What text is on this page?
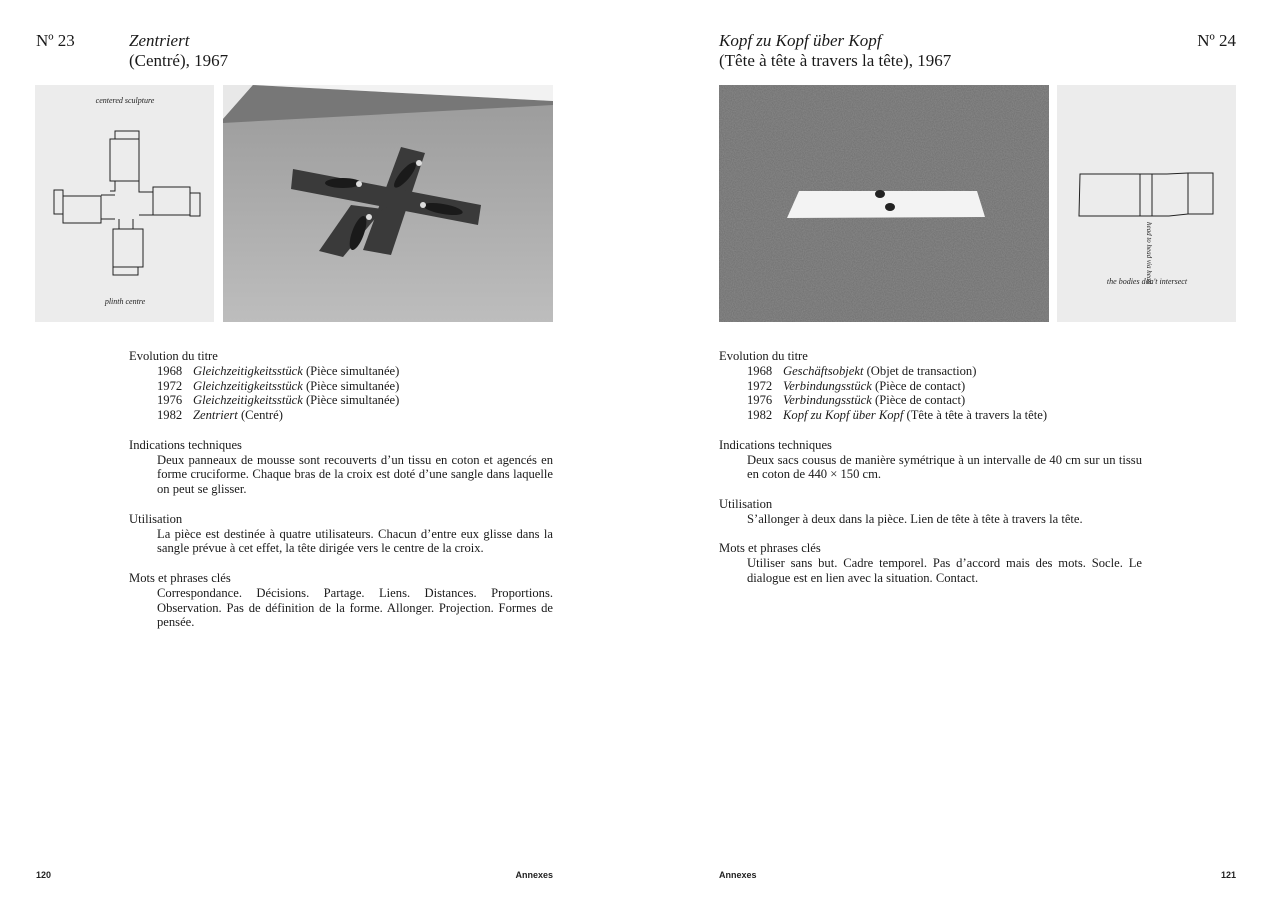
Nº 23	Zentriert
(Centré), 1967
centered sculpture
plinth centre
Evolution du titre
1968 Gleichzeitigkeitsstück (Pièce simultanée)
1972 Gleichzeitigkeitsstück (Pièce simultanée)
1976 Gleichzeitigkeitsstück (Pièce simultanée)
1982 Zentriert (Centré)
Indications techniques
Deux panneaux de mousse sont recouverts d’un tissu en coton et agencés en forme cruciforme. Chaque bras de la croix est doté d’une sangle dans laquelle on peut se glisser.
Utilisation
La pièce est destinée à quatre utilisateurs. Chacun d’entre eux glisse dans la sangle prévue à cet effet, la tête dirigée vers le centre de la croix.
Mots et phrases clés
Correspondance. Décisions. Partage. Liens. Distances. Proportions. Observation. Pas de définition de la forme. Allonger. Projection. Formes de pensée.
120	Annexes
Kopf zu Kopf über Kopf
(Tête à tête à travers la tête), 1967
Nº 24
head to head via head
the bodies don't intersect
Evolution du titre
1968 Geschäftsobjekt (Objet de transaction)
1972 Verbindungsstück (Pièce de contact)
1976 Verbindungsstück (Pièce de contact)
1982 Kopf zu Kopf über Kopf (Tête à tête à travers la tête)
Indications techniques
Deux sacs cousus de manière symétrique à un intervalle de 40 cm sur un tissu en coton de 440 × 150 cm.
Utilisation
S’allonger à deux dans la pièce. Lien de tête à tête à travers la tête.
Mots et phrases clés
Utiliser sans but. Cadre temporel. Pas d’accord mais des mots. Socle. Le dialogue est en lien avec la situation. Contact.
Annexes	121
